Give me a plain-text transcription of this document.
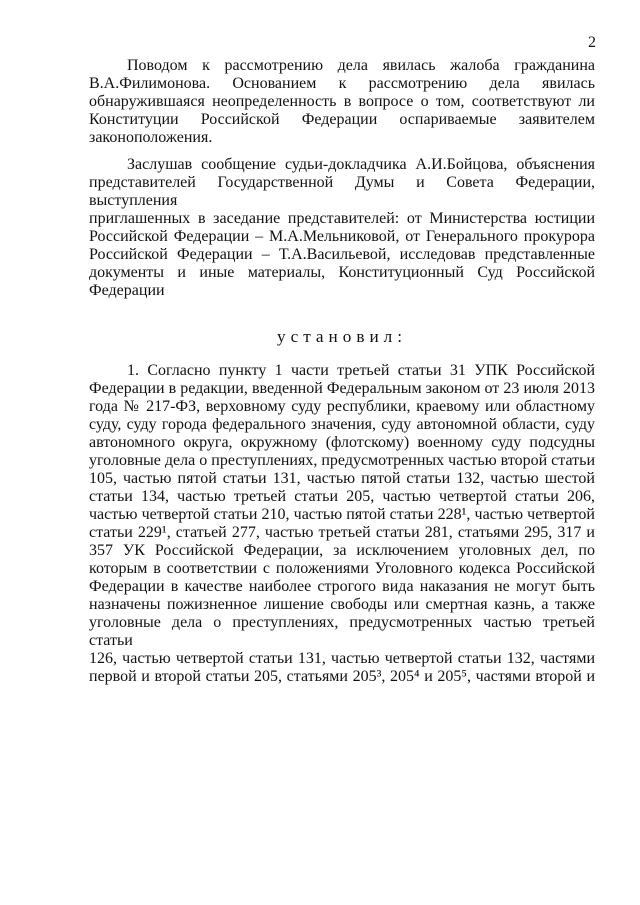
2
Поводом к рассмотрению дела явилась жалоба гражданина
В.А.Филимонова. Основанием к рассмотрению дела явилась
обнаружившаяся неопределенность в вопросе о том, соответствуют ли
Конституции Российской Федерации оспариваемые заявителем
законоположения.
Заслушав сообщение судьи-докладчика А.И.Бойцова, объяснения
представителей Государственной Думы и Совета Федерации, выступления
приглашенных в заседание представителей: от Министерства юстиции
Российской Федерации – М.А.Мельниковой, от Генерального прокурора
Российской Федерации – Т.А.Васильевой, исследовав представленные
документы и иные материалы, Конституционный Суд Российской Федерации

установил:

1. Согласно пункту 1 части третьей статьи 31 УПК Российской
Федерации в редакции, введенной Федеральным законом от 23 июля 2013
года № 217-ФЗ, верховному суду республики, краевому или областному
суду, суду города федерального значения, суду автономной области, суду
автономного округа, окружному (флотскому) военному суду подсудны
уголовные дела о преступлениях, предусмотренных частью второй статьи
105, частью пятой статьи 131, частью пятой статьи 132, частью шестой
статьи 134, частью третьей статьи 205, частью четвертой статьи 206,
частью четвертой статьи 210, частью пятой статьи 228¹, частью четвертой
статьи 229¹, статьей 277, частью третьей статьи 281, статьями 295, 317 и
357 УК Российской Федерации, за исключением уголовных дел, по
которым в соответствии с положениями Уголовного кодекса Российской
Федерации в качестве наиболее строгого вида наказания не могут быть
назначены пожизненное лишение свободы или смертная казнь, а также
уголовные дела о преступлениях, предусмотренных частью третьей статьи
126, частью четвертой статьи 131, частью четвертой статьи 132, частями
первой и второй статьи 205, статьями 205³, 205⁴ и 205⁵, частями второй и
